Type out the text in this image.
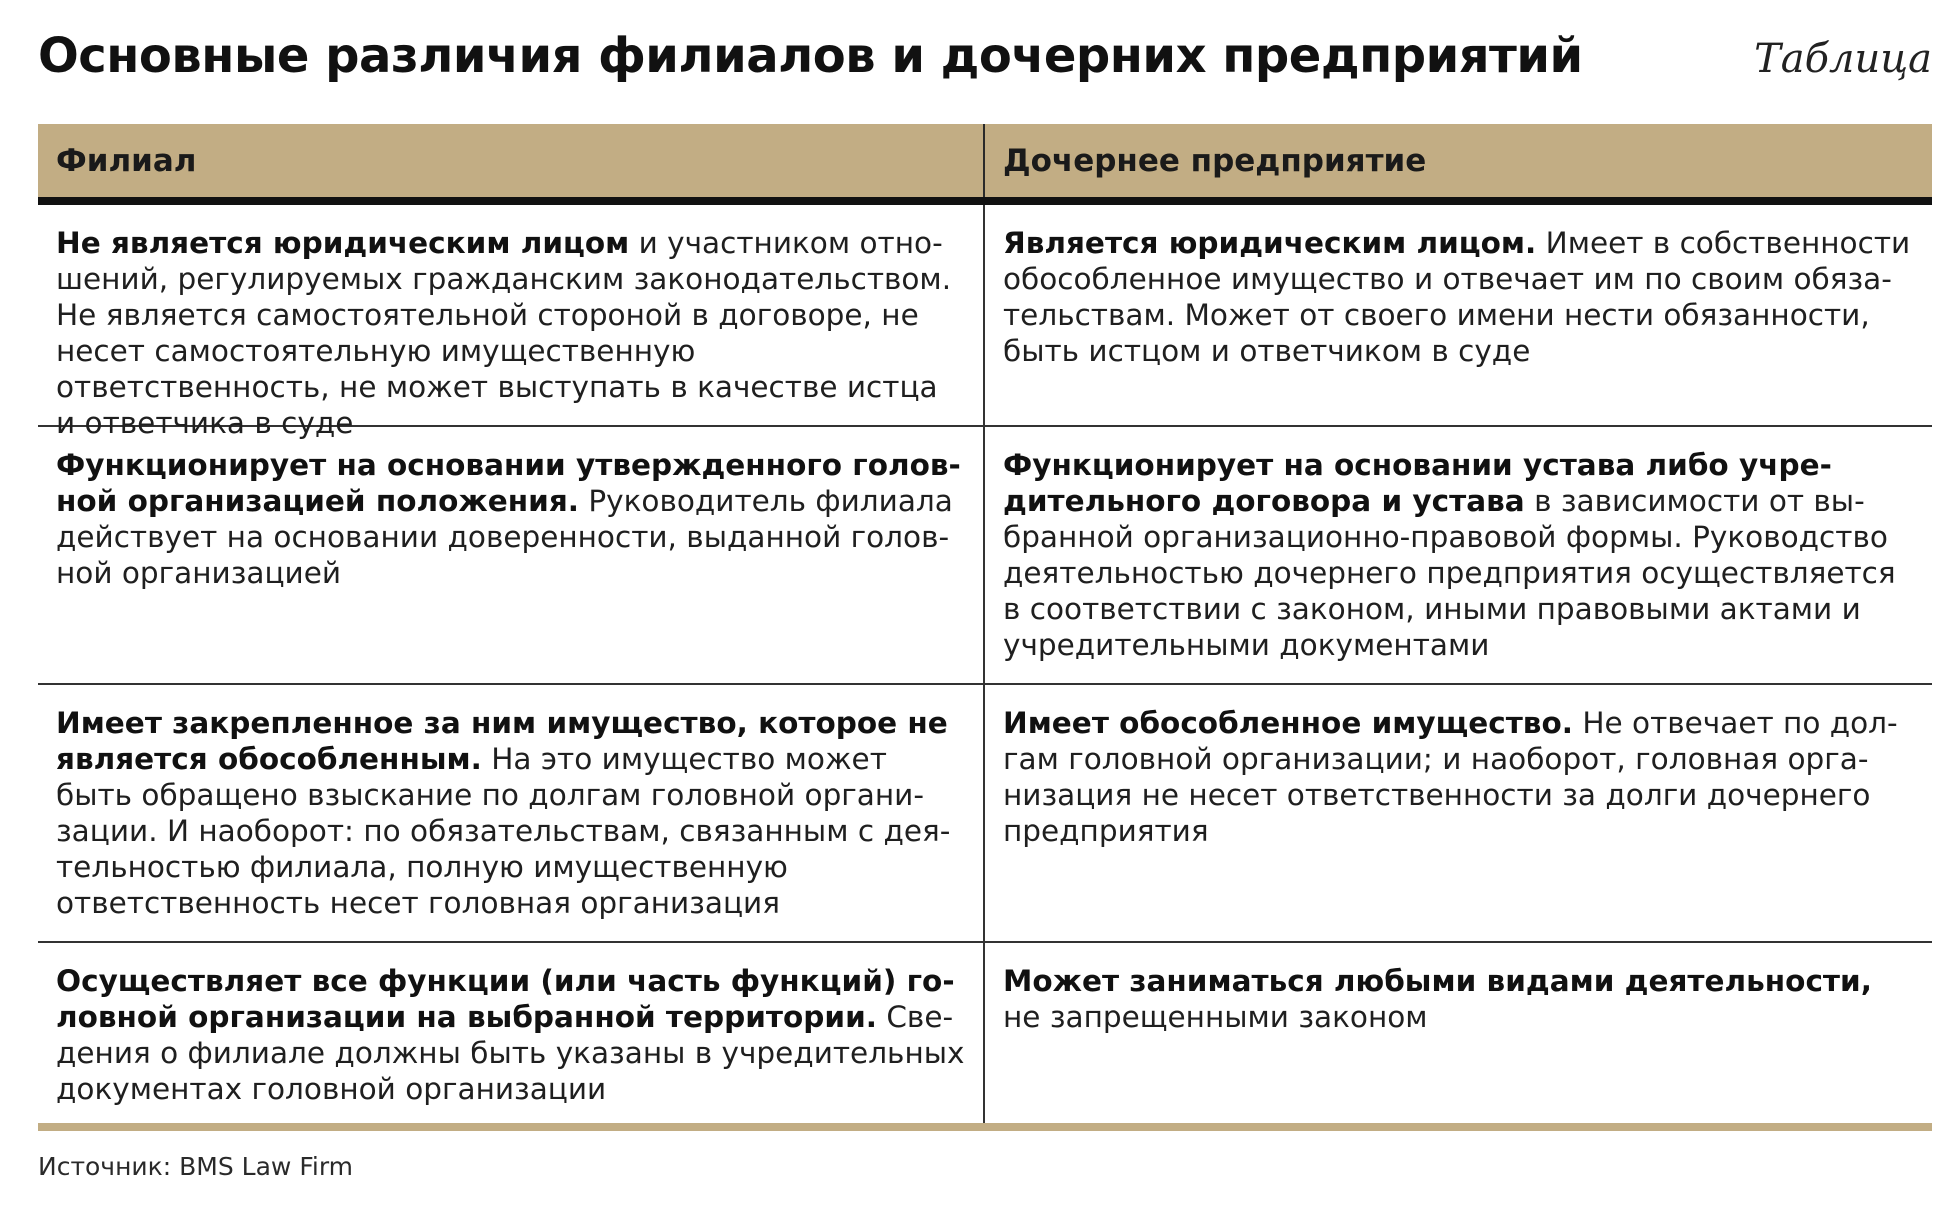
Основные различия филиалов и дочерних предприятий	Таблица
Филиал	Дочернее предприятие
Не является юридическим лицом и участником отношений, регулируемых гражданским законодательством. Не является самостоятельной стороной в договоре, не несет самостоятельную имущественную ответственность, не может выступать в качестве истца и ответчика в суде
Является юридическим лицом. Имеет в собственности обособленное имущество и отвечает им по своим обязательствам. Может от своего имени нести обязанности, быть истцом и ответчиком в суде
Функционирует на основании утвержденного головной организацией положения. Руководитель филиала действует на основании доверенности, выданной головной организацией
Функционирует на основании устава либо учредительного договора и устава в зависимости от выбранной организационно-правовой формы. Руководство деятельностью дочернего предприятия осуществляется в соответствии с законом, иными правовыми актами и учредительными документами
Имеет закрепленное за ним имущество, которое не является обособленным. На это имущество может быть обращено взыскание по долгам головной организации. И наоборот: по обязательствам, связанным с деятельностью филиала, полную имущественную ответственность несет головная организация
Имеет обособленное имущество. Не отвечает по долгам головной организации; и наоборот, головная организация не несет ответственности за долги дочернего предприятия
Осуществляет все функции (или часть функций) головной организации на выбранной территории. Сведения о филиале должны быть указаны в учредительных документах головной организации
Может заниматься любыми видами деятельности, не запрещенными законом
Источник: BMS Law Firm
